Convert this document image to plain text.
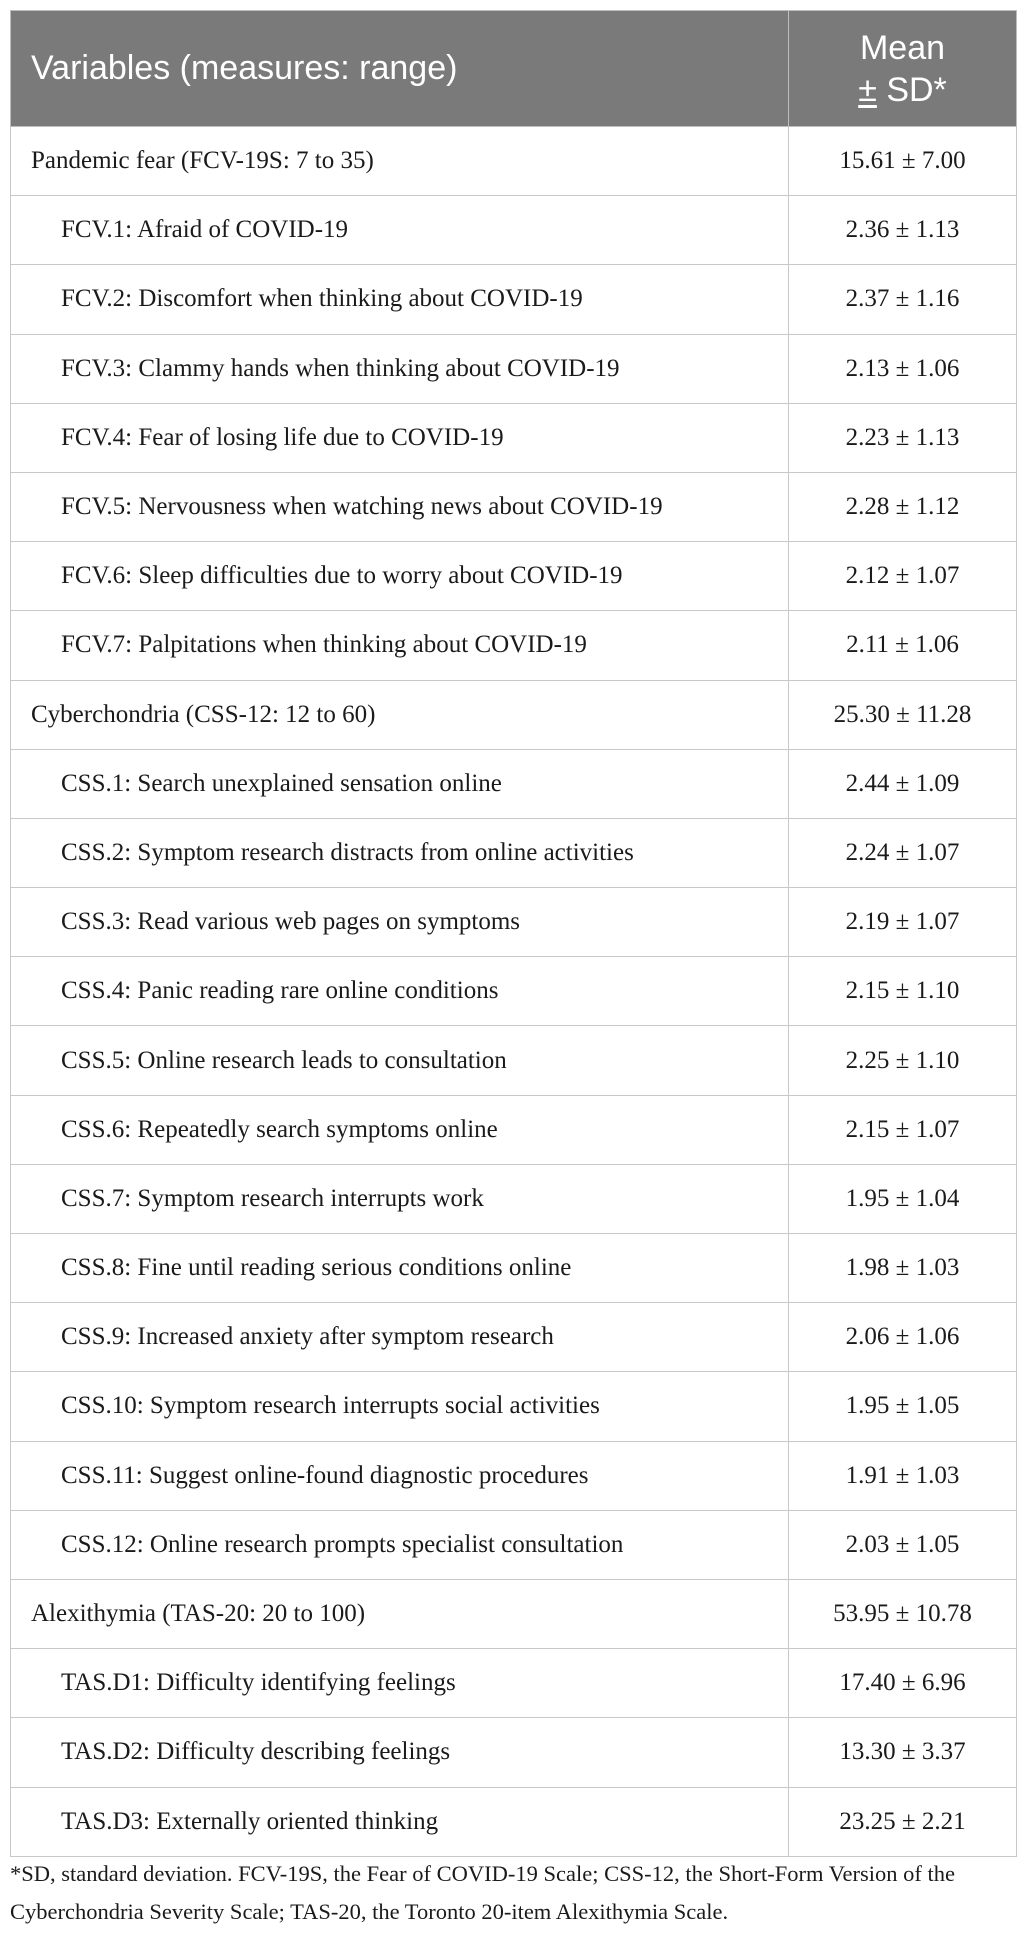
Variables (measures: range)	Mean
± SD*

Pandemic fear (FCV-19S: 7 to 35)	15.61 ± 7.00
FCV.1: Afraid of COVID-19	2.36 ± 1.13
FCV.2: Discomfort when thinking about COVID-19	2.37 ± 1.16
FCV.3: Clammy hands when thinking about COVID-19	2.13 ± 1.06
FCV.4: Fear of losing life due to COVID-19	2.23 ± 1.13
FCV.5: Nervousness when watching news about COVID-19	2.28 ± 1.12
FCV.6: Sleep difficulties due to worry about COVID-19	2.12 ± 1.07
FCV.7: Palpitations when thinking about COVID-19	2.11 ± 1.06
Cyberchondria (CSS-12: 12 to 60)	25.30 ± 11.28
CSS.1: Search unexplained sensation online	2.44 ± 1.09
CSS.2: Symptom research distracts from online activities	2.24 ± 1.07
CSS.3: Read various web pages on symptoms	2.19 ± 1.07
CSS.4: Panic reading rare online conditions	2.15 ± 1.10
CSS.5: Online research leads to consultation	2.25 ± 1.10
CSS.6: Repeatedly search symptoms online	2.15 ± 1.07
CSS.7: Symptom research interrupts work	1.95 ± 1.04
CSS.8: Fine until reading serious conditions online	1.98 ± 1.03
CSS.9: Increased anxiety after symptom research	2.06 ± 1.06
CSS.10: Symptom research interrupts social activities	1.95 ± 1.05
CSS.11: Suggest online-found diagnostic procedures	1.91 ± 1.03
CSS.12: Online research prompts specialist consultation	2.03 ± 1.05
Alexithymia (TAS-20: 20 to 100)	53.95 ± 10.78
TAS.D1: Difficulty identifying feelings	17.40 ± 6.96
TAS.D2: Difficulty describing feelings	13.30 ± 3.37
TAS.D3: Externally oriented thinking	23.25 ± 2.21

*SD, standard deviation. FCV-19S, the Fear of COVID-19 Scale; CSS-12, the Short-Form Version of the Cyberchondria Severity Scale; TAS-20, the Toronto 20-item Alexithymia Scale.
